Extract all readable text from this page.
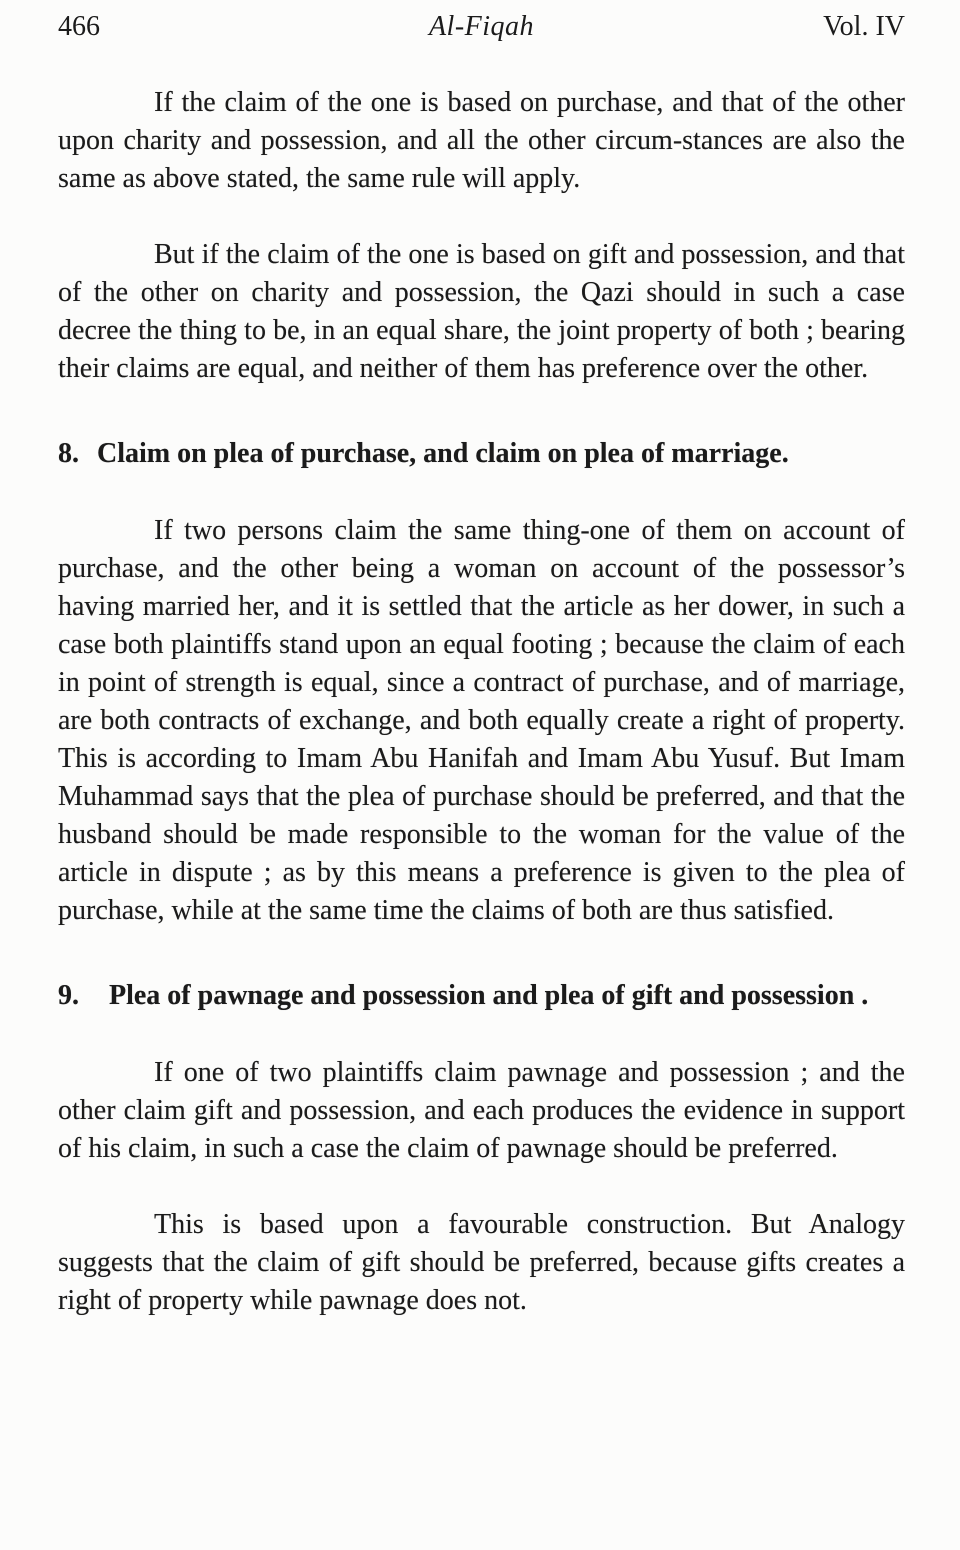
466	Al-Fiqah	Vol. IV

If the claim of the one is based on purchase, and that of the other upon charity and possession, and all the other circum-stances are also the same as above stated, the same rule will apply.

But if the claim of the one is based on gift and possession, and that of the other on charity and possession, the Qazi should in such a case decree the thing to be, in an equal share, the joint property of both ; bearing their claims are equal, and neither of them has preference over the other.

8. Claim on plea of purchase, and claim on plea of marriage.

If two persons claim the same thing-one of them on account of purchase, and the other being a woman on account of the possessor’s having married her, and it is settled that the article as her dower, in such a case both plaintiffs stand upon an equal footing ; because the claim of each in point of strength is equal, since a contract of purchase, and of marriage, are both contracts of exchange, and both equally create a right of property. This is according to Imam Abu Hanifah and Imam Abu Yusuf. But Imam Muhammad says that the plea of purchase should be preferred, and that the husband should be made responsible to the woman for the value of the article in dispute ; as by this means a preference is given to the plea of purchase, while at the same time the claims of both are thus satisfied.

9. Plea of pawnage and possession and plea of gift and possession .

If one of two plaintiffs claim pawnage and possession ; and the other claim gift and possession, and each produces the evidence in support of his claim, in such a case the claim of pawnage should be preferred.

This is based upon a favourable construction. But Analogy suggests that the claim of gift should be preferred, because gifts creates a right of property while pawnage does not.
